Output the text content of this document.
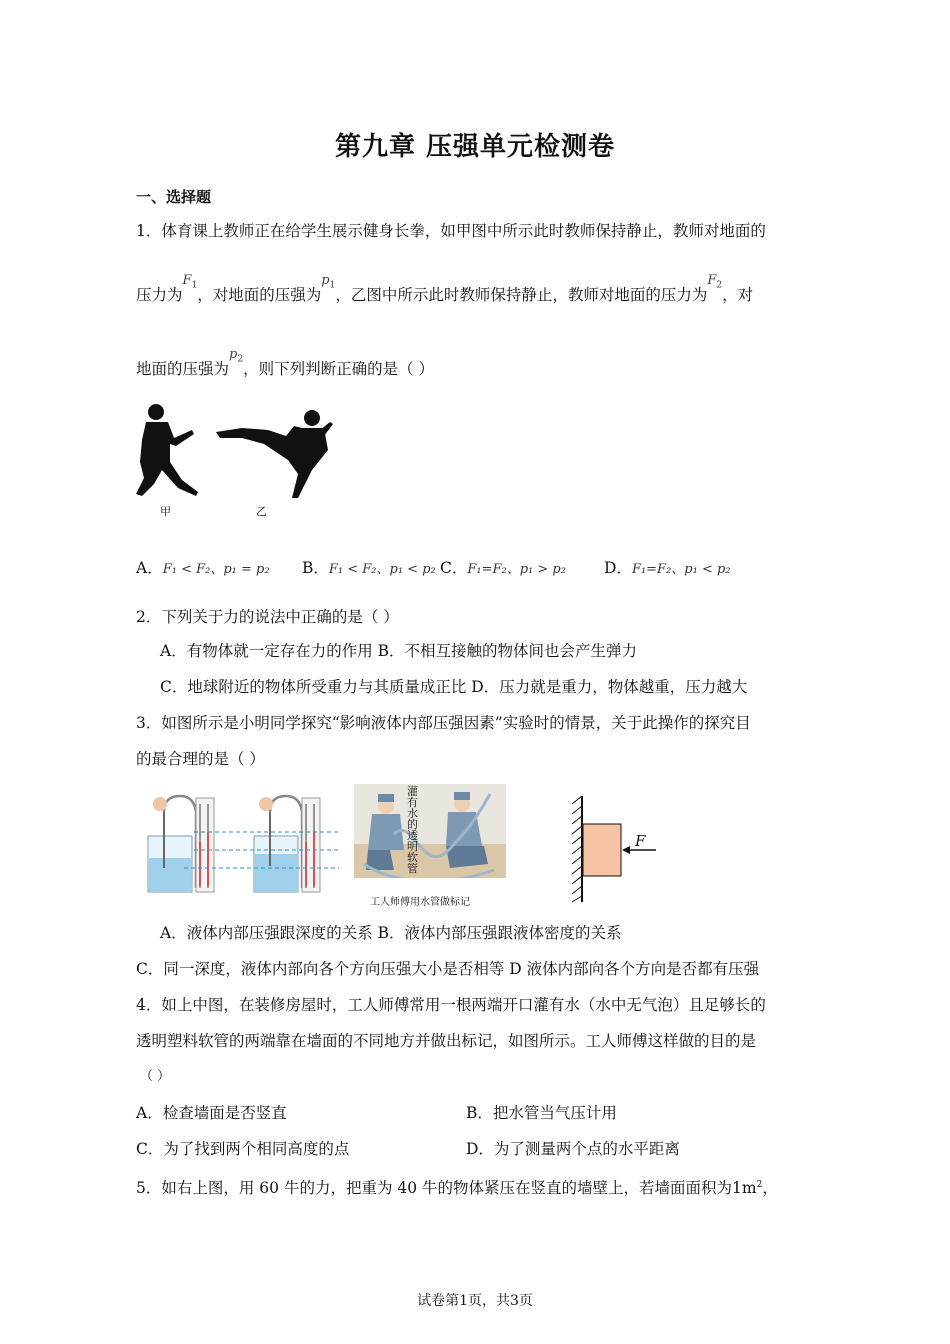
第九章 压强单元检测卷
一、选择题
1．体育课上教师正在给学生展示健身长拳，如甲图中所示此时教师保持静止，教师对地面的
压力为$^{F_1}$，对地面的压强为$^{p_1}$，乙图中所示此时教师保持静止，教师对地面的压力为$^{F_2}$，对
地面的压强为$^{p_2}$，则下列判断正确的是（ ）
甲	乙
A．F₁ < F₂、p₁ = p₂ B．F₁ < F₂、p₁ < p₂ C．F₁=F₂、p₁ > p₂ D．F₁=F₂、p₁ < p₂
2．下列关于力的说法中正确的是（ ）
A．有物体就一定存在力的作用 B．不相互接触的物体间也会产生弹力
C．地球附近的物体所受重力与其质量成正比 D．压力就是重力，物体越重，压力越大
3．如图所示是小明同学探究“影响液体内部压强因素”实验时的情景，关于此操作的探究目
的最合理的是（ ）
灌有水的透明软管
工人师傅用水管做标记
F
A．液体内部压强跟深度的关系 B．液体内部压强跟液体密度的关系
C．同一深度，液体内部向各个方向压强大小是否相等 D 液体内部向各个方向是否都有压强
4．如上中图，在装修房屋时，工人师傅常用一根两端开口灌有水（水中无气泡）且足够长的
透明塑料软管的两端靠在墙面的不同地方并做出标记，如图所示。工人师傅这样做的目的是
（ ）
A．检查墙面是否竖直	B．把水管当气压计用
C．为了找到两个相同高度的点	D．为了测量两个点的水平距离
5．如右上图，用 60 牛的力，把重为 40 牛的物体紧压在竖直的墙壁上，若墙面面积为$1m^2$，
试卷第1页，共3页
